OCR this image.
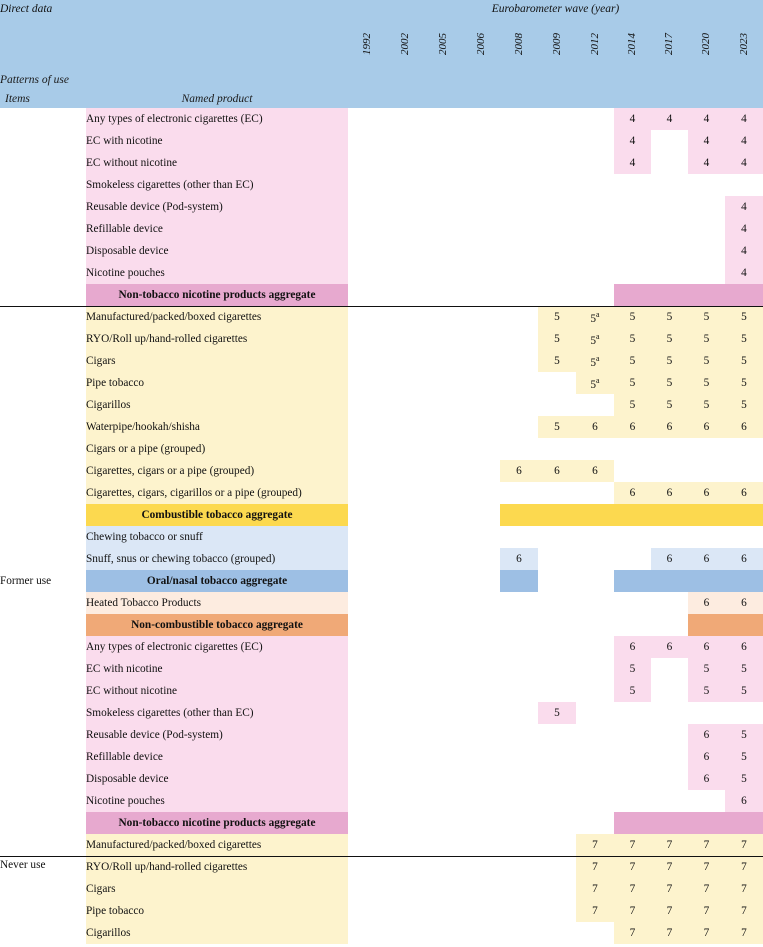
Direct data		Eurobarometer wave (year)										
		1992	2002	2005	2006	2008	2009	2012	2014	2017	2020	2023
Patterns of use												
Items	Named product											
	Any types of electronic cigarettes (EC)								4	4	4	4
	EC with nicotine								4		4	4
	EC without nicotine								4		4	4
	Smokeless cigarettes (other than EC)											
	Reusable device (Pod-system)											4
	Refillable device											4
	Disposable device											4
	Nicotine pouches											4
	Non-tobacco nicotine products aggregate											
Former use	Manufactured/packed/boxed cigarettes						5	5$^a$	5	5	5	5
	RYO/Roll up/hand-rolled cigarettes						5	5$^a$	5	5	5	5
	Cigars						5	5$^a$	5	5	5	5
	Pipe tobacco							5$^a$	5	5	5	5
	Cigarillos								5	5	5	5
	Waterpipe/hookah/shisha						5	6	6	6	6	6
	Cigars or a pipe (grouped)											
	Cigarettes, cigars or a pipe (grouped)					6	6	6				
	Cigarettes, cigars, cigarillos or a pipe (grouped)								6	6	6	6
	Combustible tobacco aggregate											
	Chewing tobacco or snuff											
	Snuff, snus or chewing tobacco (grouped)					6				6	6	6
	Oral/nasal tobacco aggregate											
	Heated Tobacco Products										6	6
	Non-combustible tobacco aggregate											
	Any types of electronic cigarettes (EC)								6	6	6	6
	EC with nicotine								5		5	5
	EC without nicotine								5		5	5
	Smokeless cigarettes (other than EC)						5					
	Reusable device (Pod-system)										6	5
	Refillable device										6	5
	Disposable device										6	5
	Nicotine pouches											6
	Non-tobacco nicotine products aggregate											
	Manufactured/packed/boxed cigarettes							7	7	7	7	7
Never use	RYO/Roll up/hand-rolled cigarettes							7	7	7	7	7
	Cigars							7	7	7	7	7
	Pipe tobacco							7	7	7	7	7
	Cigarillos								7	7	7	7
